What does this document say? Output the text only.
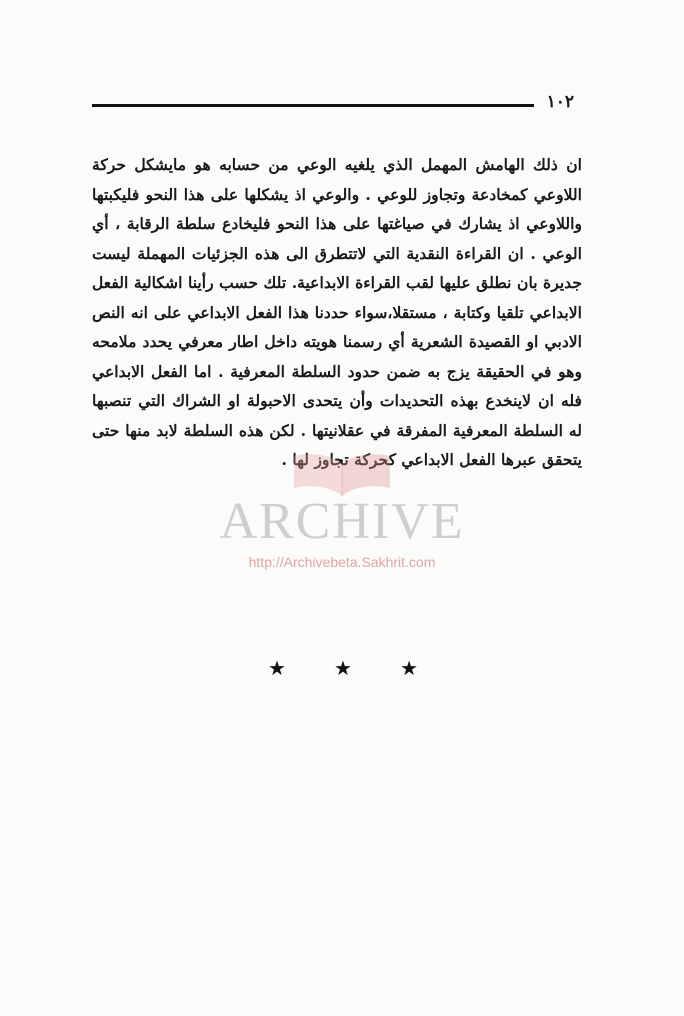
١٠٢

ان ذلك الهامش المهمل الذي يلغيه الوعي من حسابه هو مايشكل حركة اللاوعي كمخادعة وتجاوز للوعي . والوعي اذ يشكلها على هذا النحو فليكبتها واللاوعي اذ يشارك في صياغتها على هذا النحو فليخادع سلطة الرقابة ، أي الوعي . ان القراءة النقدية التي لاتتطرق الى هذه الجزئيات المهملة ليست جديرة بان نطلق عليها لقب القراءة الابداعية. تلك حسب رأينا اشكالية الفعل الابداعي تلقيا وكتابة ، مستقلا،سواء حددنا هذا الفعل الابداعي على انه النص الادبي او القصيدة الشعرية أي رسمنا هويته داخل اطار معرفي يحدد ملامحه وهو في الحقيقة يزج به ضمن حدود السلطة المعرفية . اما الفعل الابداعي فله ان لاينخدع بهذه التحديدات وأن يتحدى الاحبولة او الشراك التي تنصبها له السلطة المعرفية المفرقة في عقلانيتها . لكن هذه السلطة لابد منها حتى يتحقق عبرها الفعل الابداعي كحركة تجاوز لها .

ARCHIVE
http://Archivebeta.Sakhrit.com
★ ★ ★
